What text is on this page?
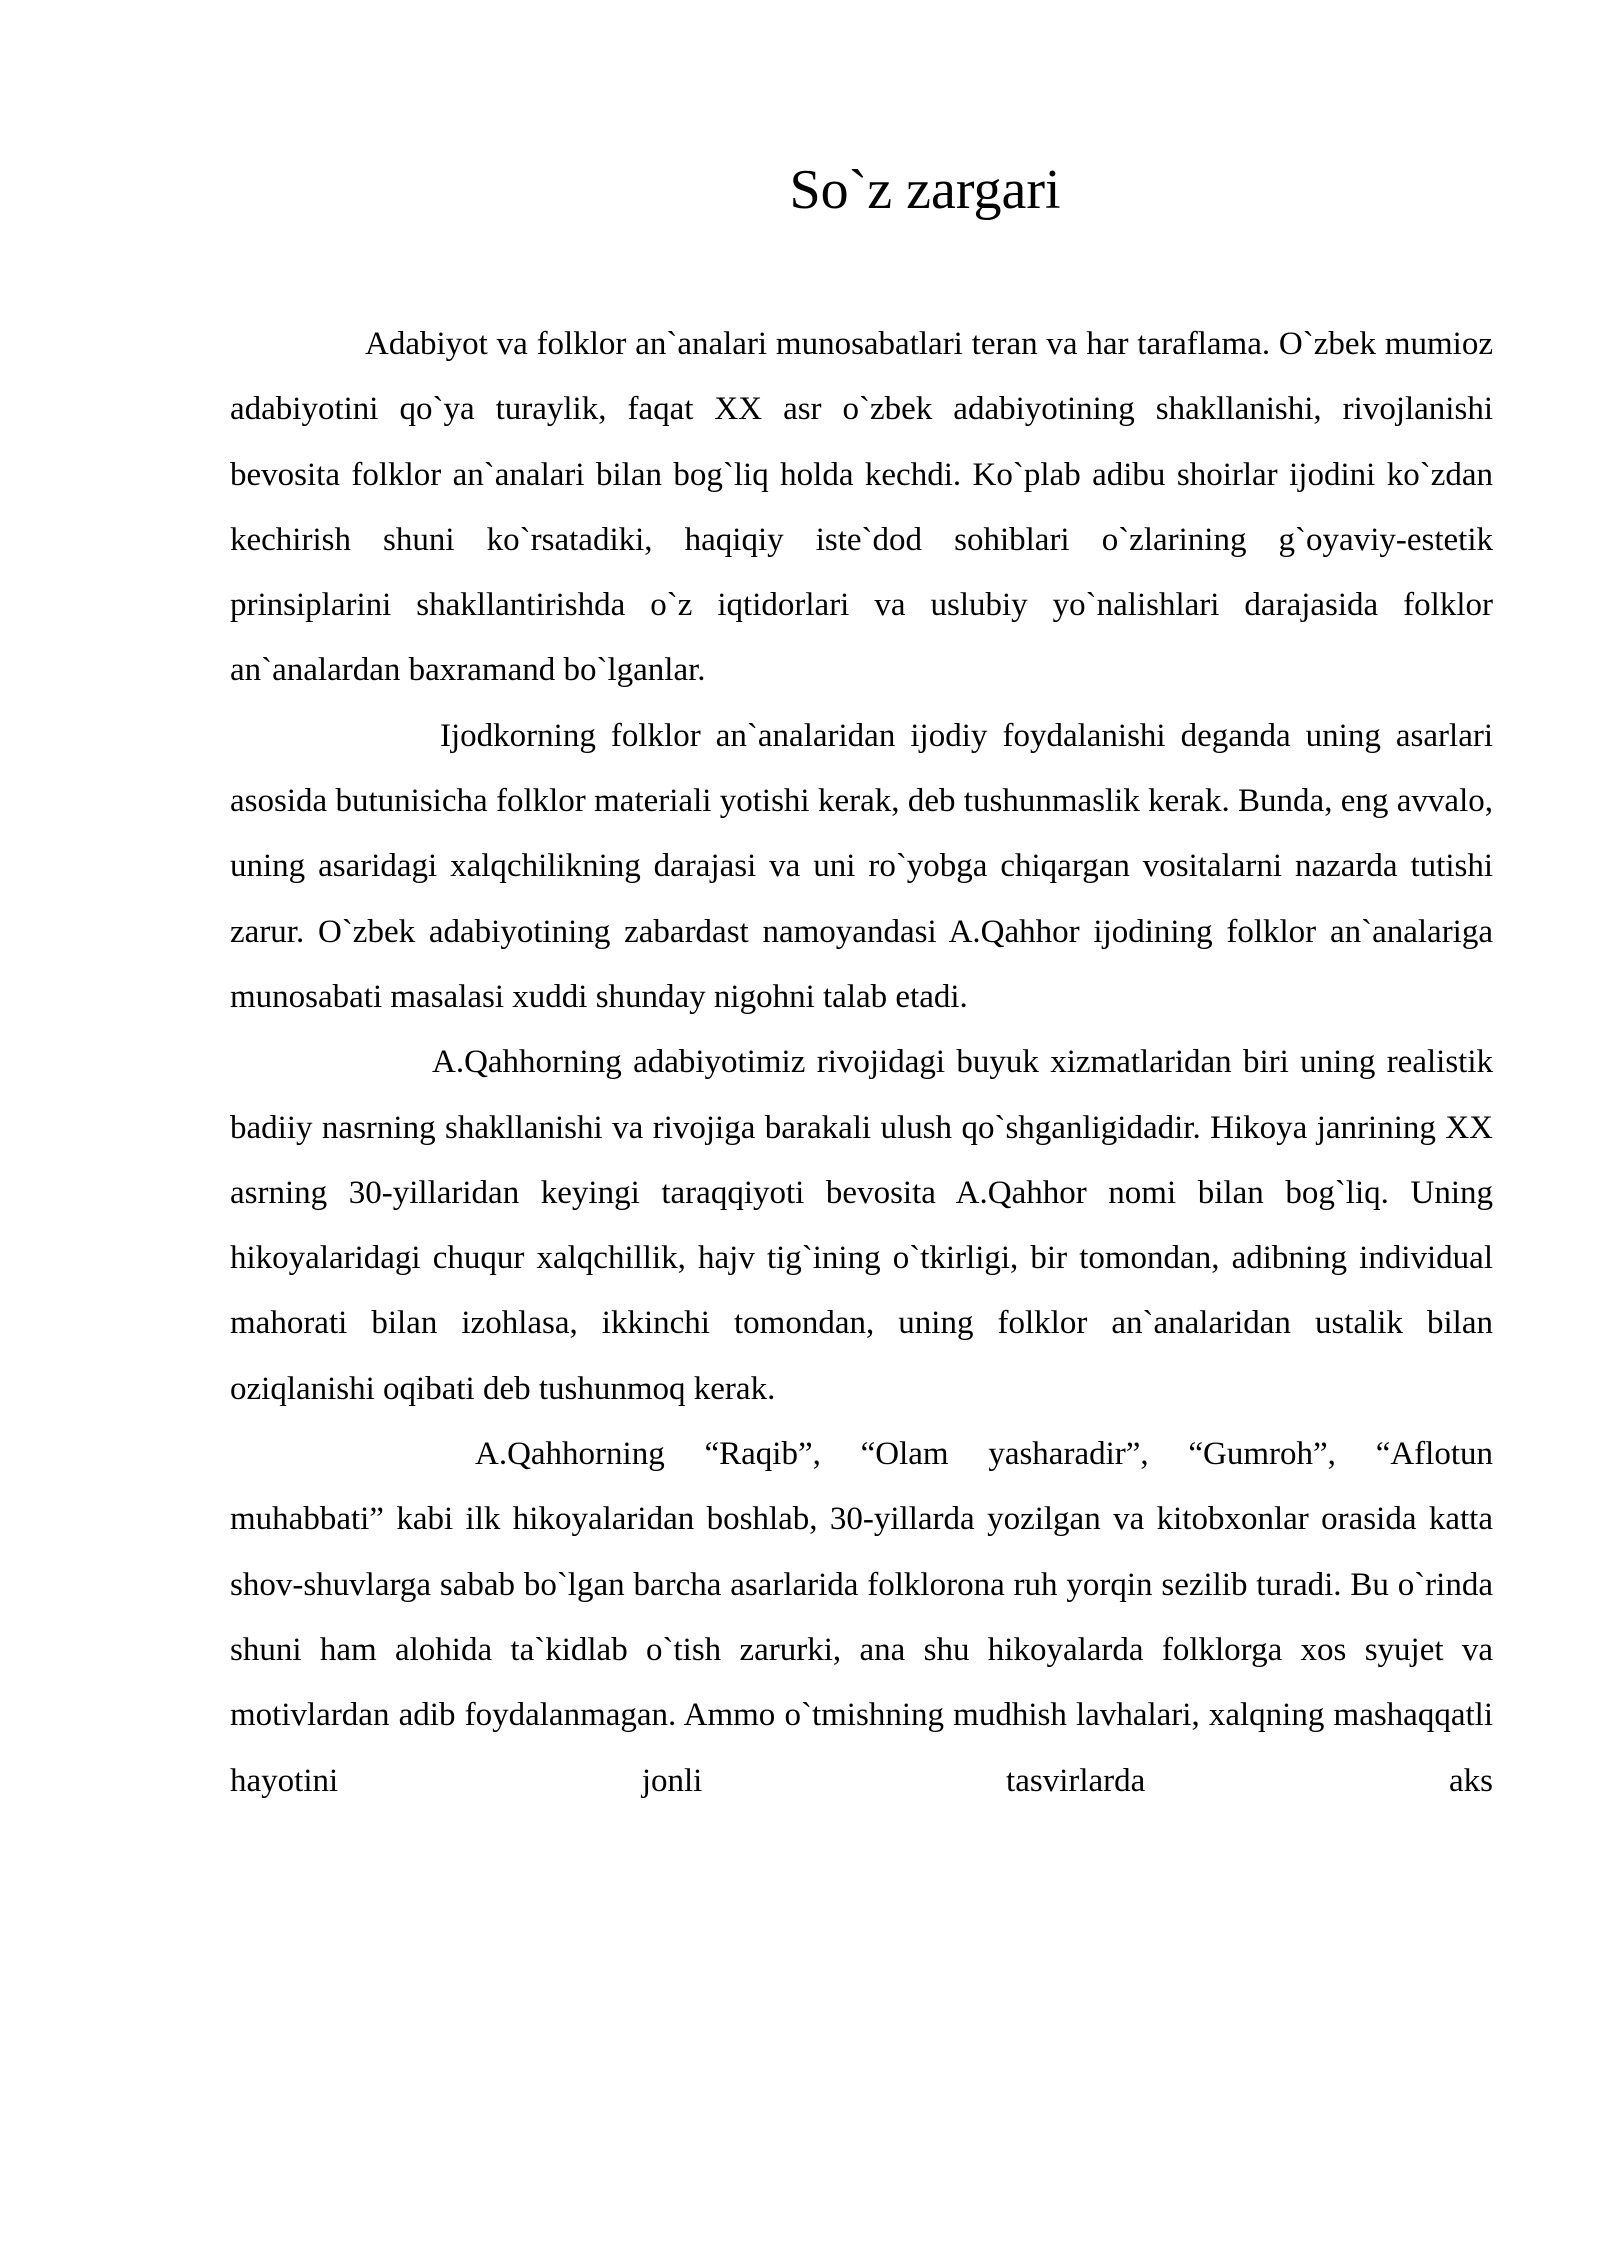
So`z zargari

Adabiyot va folklor an`analari munosabatlari teran va har taraflama. O`zbek mumioz adabiyotini qo`ya turaylik, faqat XX asr o`zbek adabiyotining shakllanishi, rivojlanishi bevosita folklor an`analari bilan bog`liq holda kechdi. Ko`plab adibu shoirlar ijodini ko`zdan kechirish shuni ko`rsatadiki, haqiqiy iste`dod sohiblari o`zlarining g`oyaviy-estetik prinsiplarini shakllantirishda o`z iqtidorlari va uslubiy yo`nalishlari darajasida folklor an`analardan baxramand bo`lganlar.

Ijodkorning folklor an`analaridan ijodiy foydalanishi deganda uning asarlari asosida butunisicha folklor materiali yotishi kerak, deb tushunmaslik kerak. Bunda, eng avvalo, uning asaridagi xalqchilikning darajasi va uni ro`yobga chiqargan vositalarni nazarda tutishi zarur. O`zbek adabiyotining zabardast namoyandasi A.Qahhor ijodining folklor an`analariga munosabati masalasi xuddi shunday nigohni talab etadi.

A.Qahhorning adabiyotimiz rivojidagi buyuk xizmatlaridan biri uning realistik badiiy nasrning shakllanishi va rivojiga barakali ulush qo`shganligidadir. Hikoya janrining XX asrning 30-yillaridan keyingi taraqqiyoti bevosita A.Qahhor nomi bilan bog`liq. Uning hikoyalaridagi chuqur xalqchillik, hajv tig`ining o`tkirligi, bir tomondan, adibning individual mahorati bilan izohlasa, ikkinchi tomondan, uning folklor an`analaridan ustalik bilan oziqlanishi oqibati deb tushunmoq kerak.

A.Qahhorning “Raqib”, “Olam yasharadir”, “Gumroh”, “Aflotun muhabbati” kabi ilk hikoyalaridan boshlab, 30-yillarda yozilgan va kitobxonlar orasida katta shov-shuvlarga sabab bo`lgan barcha asarlarida folklorona ruh yorqin sezilib turadi. Bu o`rinda shuni ham alohida ta`kidlab o`tish zarurki, ana shu hikoyalarda folklorga xos syujet va motivlardan adib foydalanmagan. Ammo o`tmishning mudhish lavhalari, xalqning mashaqqatli hayotini jonli tasvirlarda aks
